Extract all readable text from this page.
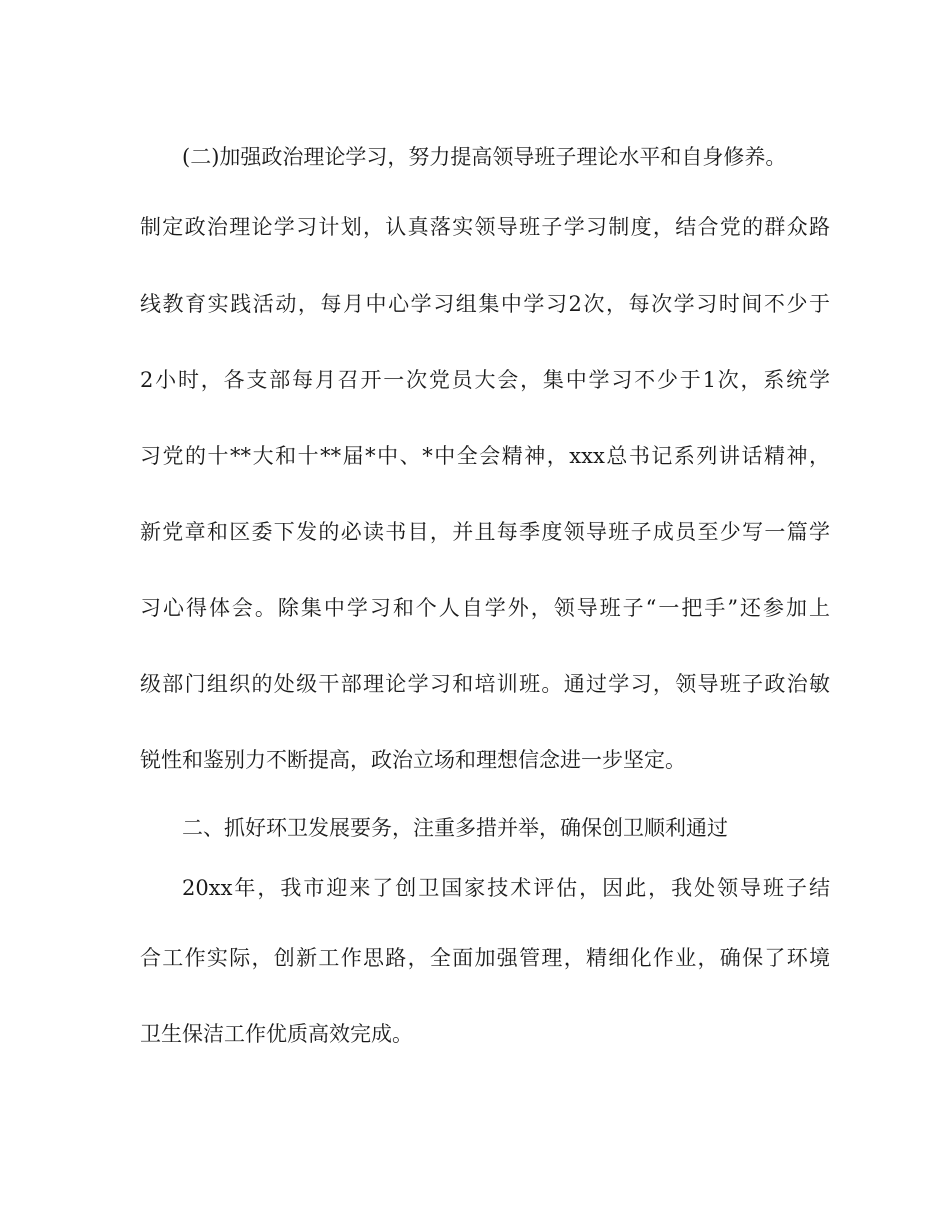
(二)加强政治理论学习，努力提高领导班子理论水平和自身修养。
制定政治理论学习计划，认真落实领导班子学习制度，结合党的群众路
线教育实践活动，每月中心学习组集中学习2次，每次学习时间不少于
2小时，各支部每月召开一次党员大会，集中学习不少于1次，系统学
习党的十**大和十**届*中、*中全会精神，xxx总书记系列讲话精神，
新党章和区委下发的必读书目，并且每季度领导班子成员至少写一篇学
习心得体会。除集中学习和个人自学外，领导班子“一把手”还参加上
级部门组织的处级干部理论学习和培训班。通过学习，领导班子政治敏
锐性和鉴别力不断提高，政治立场和理想信念进一步坚定。
二、抓好环卫发展要务，注重多措并举，确保创卫顺利通过
20xx年，我市迎来了创卫国家技术评估，因此，我处领导班子结
合工作实际，创新工作思路，全面加强管理，精细化作业，确保了环境
卫生保洁工作优质高效完成。
